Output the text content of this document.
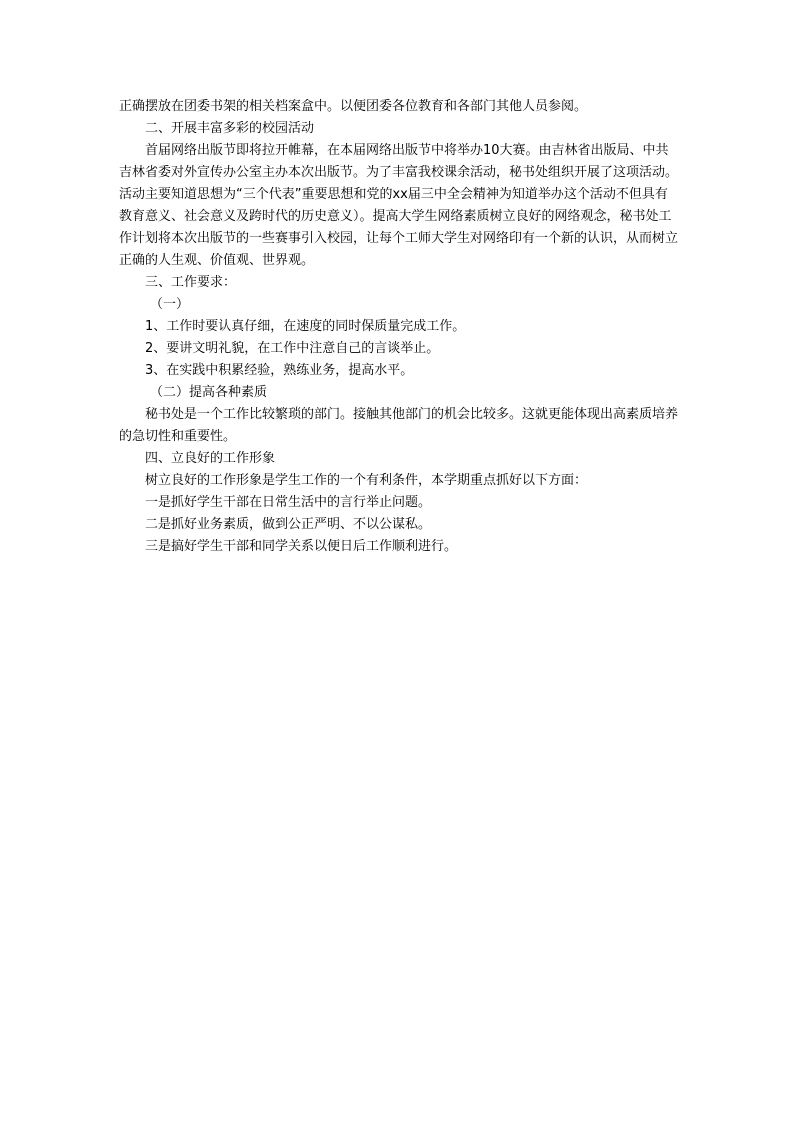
正确摆放在团委书架的相关档案盒中。以便团委各位教育和各部门其他人员参阅。

二、开展丰富多彩的校园活动

首届网络出版节即将拉开帷幕，在本届网络出版节中将举办10大赛。由吉林省出版局、中共吉林省委对外宣传办公室主办本次出版节。为了丰富我校课余活动，秘书处组织开展了这项活动。活动主要知道思想为“三个代表”重要思想和党的xx届三中全会精神为知道举办这个活动不但具有教育意义、社会意义及跨时代的历史意义）。提高大学生网络素质树立良好的网络观念，秘书处工作计划将本次出版节的一些赛事引入校园，让每个工师大学生对网络印有一个新的认识，从而树立正确的人生观、价值观、世界观。

三、工作要求：

（一）

1、工作时要认真仔细，在速度的同时保质量完成工作。

2、要讲文明礼貌，在工作中注意自己的言谈举止。

3、在实践中积累经验，熟练业务，提高水平。

（二）提高各种素质

秘书处是一个工作比较繁琐的部门。接触其他部门的机会比较多。这就更能体现出高素质培养的急切性和重要性。

四、立良好的工作形象

树立良好的工作形象是学生工作的一个有利条件，本学期重点抓好以下方面：

一是抓好学生干部在日常生活中的言行举止问题。

二是抓好业务素质，做到公正严明、不以公谋私。

三是搞好学生干部和同学关系以便日后工作顺利进行。
